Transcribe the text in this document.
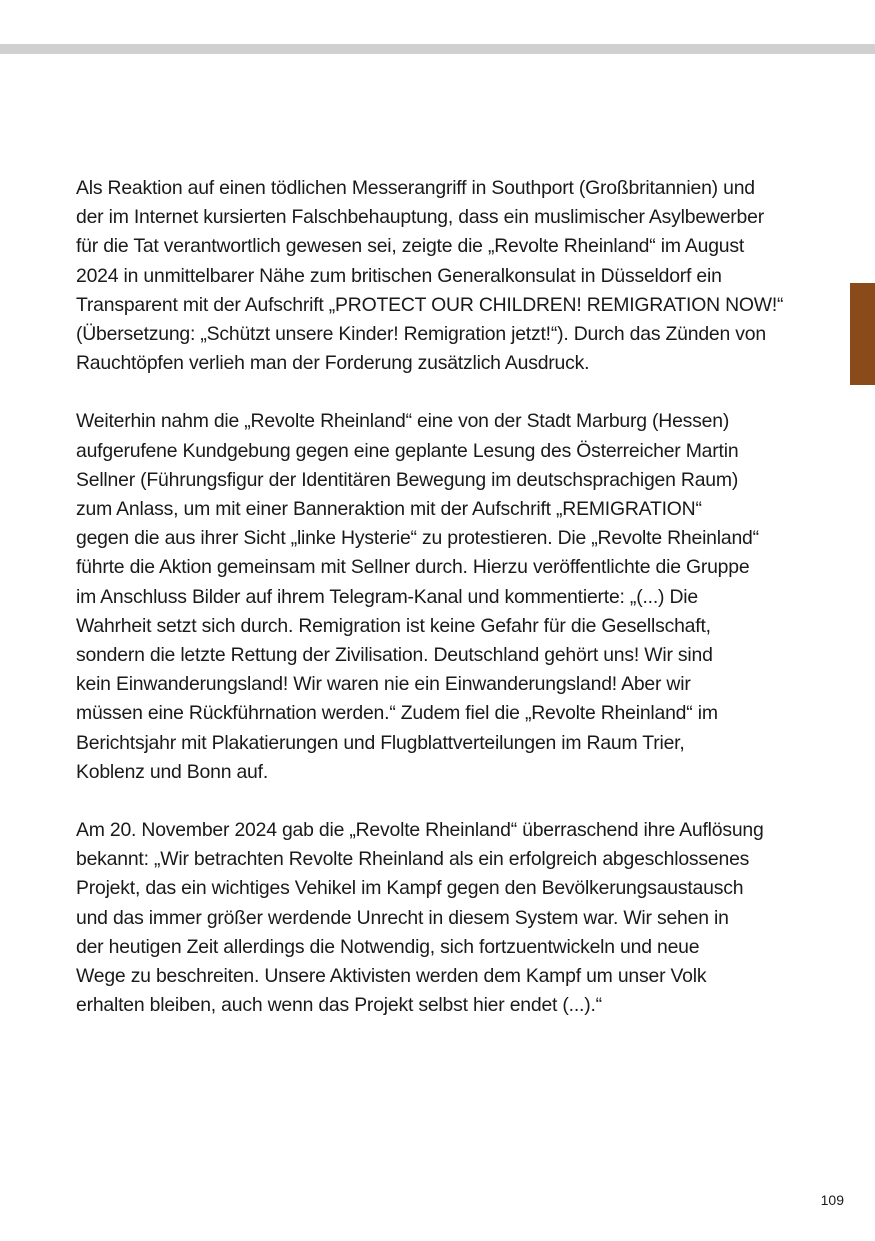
Als Reaktion auf einen tödlichen Messerangriff in Southport (Großbritannien) und
der im Internet kursierten Falschbehauptung, dass ein muslimischer Asylbewerber
für die Tat verantwortlich gewesen sei, zeigte die „Revolte Rheinland“ im August
2024 in unmittelbarer Nähe zum britischen Generalkonsulat in Düsseldorf ein
Transparent mit der Aufschrift „PROTECT OUR CHILDREN! REMIGRATION NOW!“
(Übersetzung: „Schützt unsere Kinder! Remigration jetzt!“). Durch das Zünden von
Rauchtöpfen verlieh man der Forderung zusätzlich Ausdruck.

Weiterhin nahm die „Revolte Rheinland“ eine von der Stadt Marburg (Hessen)
aufgerufene Kundgebung gegen eine geplante Lesung des Österreicher Martin
Sellner (Führungsfigur der Identitären Bewegung im deutschsprachigen Raum)
zum Anlass, um mit einer Banneraktion mit der Aufschrift „REMIGRATION“
gegen die aus ihrer Sicht „linke Hysterie“ zu protestieren. Die „Revolte Rheinland“
führte die Aktion gemeinsam mit Sellner durch. Hierzu veröffentlichte die Gruppe
im Anschluss Bilder auf ihrem Telegram-Kanal und kommentierte: „(...) Die
Wahrheit setzt sich durch. Remigration ist keine Gefahr für die Gesellschaft,
sondern die letzte Rettung der Zivilisation. Deutschland gehört uns! Wir sind
kein Einwanderungsland! Wir waren nie ein Einwanderungsland! Aber wir
müssen eine Rückführnation werden.“ Zudem fiel die „Revolte Rheinland“ im
Berichtsjahr mit Plakatierungen und Flugblattverteilungen im Raum Trier,
Koblenz und Bonn auf.

Am 20. November 2024 gab die „Revolte Rheinland“ überraschend ihre Auflösung
bekannt: „Wir betrachten Revolte Rheinland als ein erfolgreich abgeschlossenes
Projekt, das ein wichtiges Vehikel im Kampf gegen den Bevölkerungsaustausch
und das immer größer werdende Unrecht in diesem System war. Wir sehen in
der heutigen Zeit allerdings die Notwendig, sich fortzuentwickeln und neue
Wege zu beschreiten. Unsere Aktivisten werden dem Kampf um unser Volk
erhalten bleiben, auch wenn das Projekt selbst hier endet (...).“

109
